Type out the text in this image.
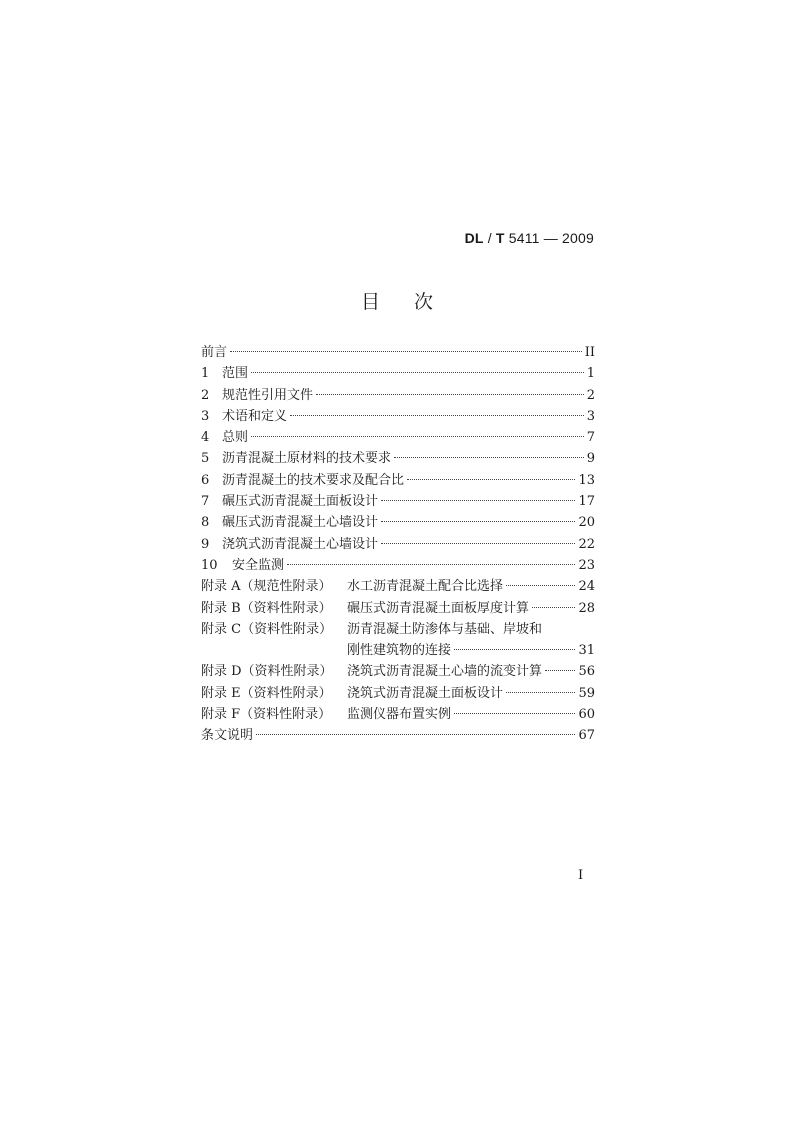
DL / T 5411 — 2009
目 次
前言	II
1 范围	1
2 规范性引用文件	2
3 术语和定义	3
4 总则	7
5 沥青混凝土原材料的技术要求	9
6 沥青混凝土的技术要求及配合比	13
7 碾压式沥青混凝土面板设计	17
8 碾压式沥青混凝土心墙设计	20
9 浇筑式沥青混凝土心墙设计	22
10	安全监测	23
附录 A（规范性附录）	水工沥青混凝土配合比选择	24
附录 B（资料性附录）	碾压式沥青混凝土面板厚度计算	28
附录 C（资料性附录）	沥青混凝土防渗体与基础、岸坡和
刚性建筑物的连接	31
附录 D（资料性附录）	浇筑式沥青混凝土心墙的流变计算	56
附录 E（资料性附录）	浇筑式沥青混凝土面板设计	59
附录 F（资料性附录）	监测仪器布置实例	60
条文说明	67
I
